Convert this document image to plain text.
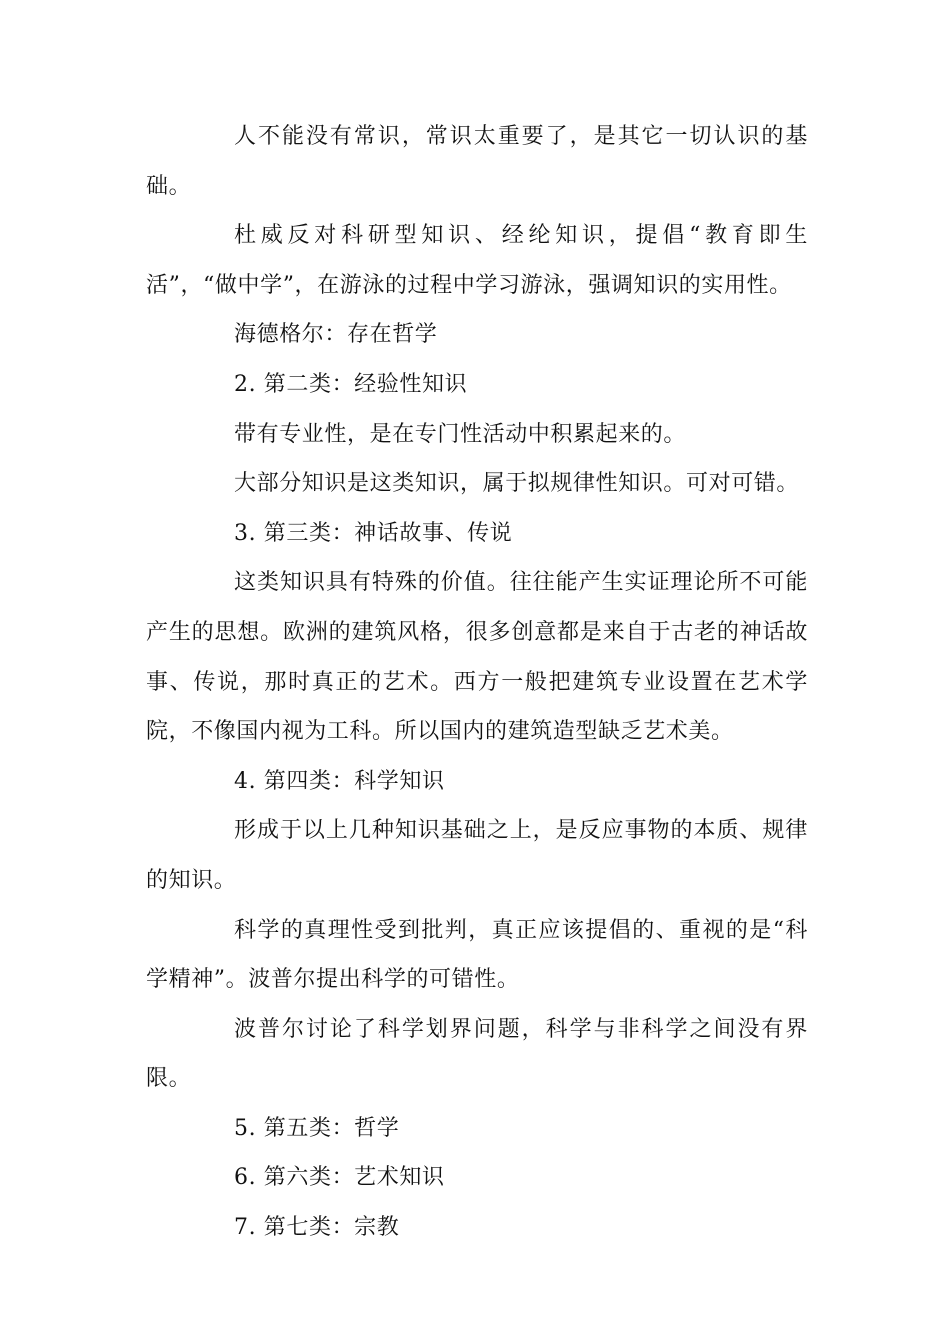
人不能没有常识，常识太重要了，是其它一切认识的基础。

杜威反对科研型知识、经纶知识，提倡“教育即生活”，“做中学”，在游泳的过程中学习游泳，强调知识的实用性。

海德格尔：存在哲学

2. 第二类：经验性知识

带有专业性，是在专门性活动中积累起来的。

大部分知识是这类知识，属于拟规律性知识。可对可错。

3. 第三类：神话故事、传说

这类知识具有特殊的价值。往往能产生实证理论所不可能产生的思想。欧洲的建筑风格，很多创意都是来自于古老的神话故事、传说，那时真正的艺术。西方一般把建筑专业设置在艺术学院，不像国内视为工科。所以国内的建筑造型缺乏艺术美。

4. 第四类：科学知识

形成于以上几种知识基础之上，是反应事物的本质、规律的知识。

科学的真理性受到批判，真正应该提倡的、重视的是“科学精神”。波普尔提出科学的可错性。

波普尔讨论了科学划界问题，科学与非科学之间没有界限。

5. 第五类：哲学

6. 第六类：艺术知识

7. 第七类：宗教
